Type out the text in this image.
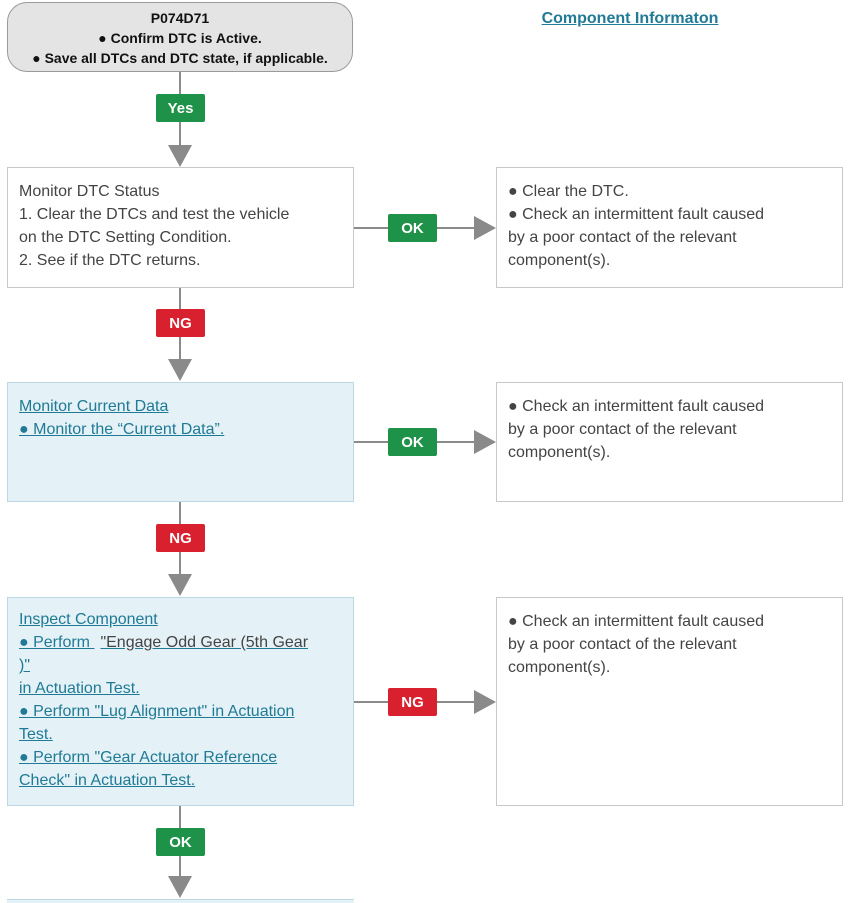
P074D71
● Confirm DTC is Active.
● Save all DTCs and DTC state, if applicable.
Component Informaton
Yes
Monitor DTC Status
1. Clear the DTCs and test the vehicle
on the DTC Setting Condition.
2. See if the DTC returns.
OK
● Clear the DTC.
● Check an intermittent fault caused
by a poor contact of the relevant
component(s).
NG
Monitor Current Data
● Monitor the “Current Data”.
OK
● Check an intermittent fault caused
by a poor contact of the relevant
component(s).
NG
Inspect Component
● Perform "Engage Odd Gear (5th Gear
)"
in Actuation Test.
● Perform "Lug Alignment" in Actuation
Test.
● Perform "Gear Actuator Reference
Check" in Actuation Test.
NG
● Check an intermittent fault caused
by a poor contact of the relevant
component(s).
OK
